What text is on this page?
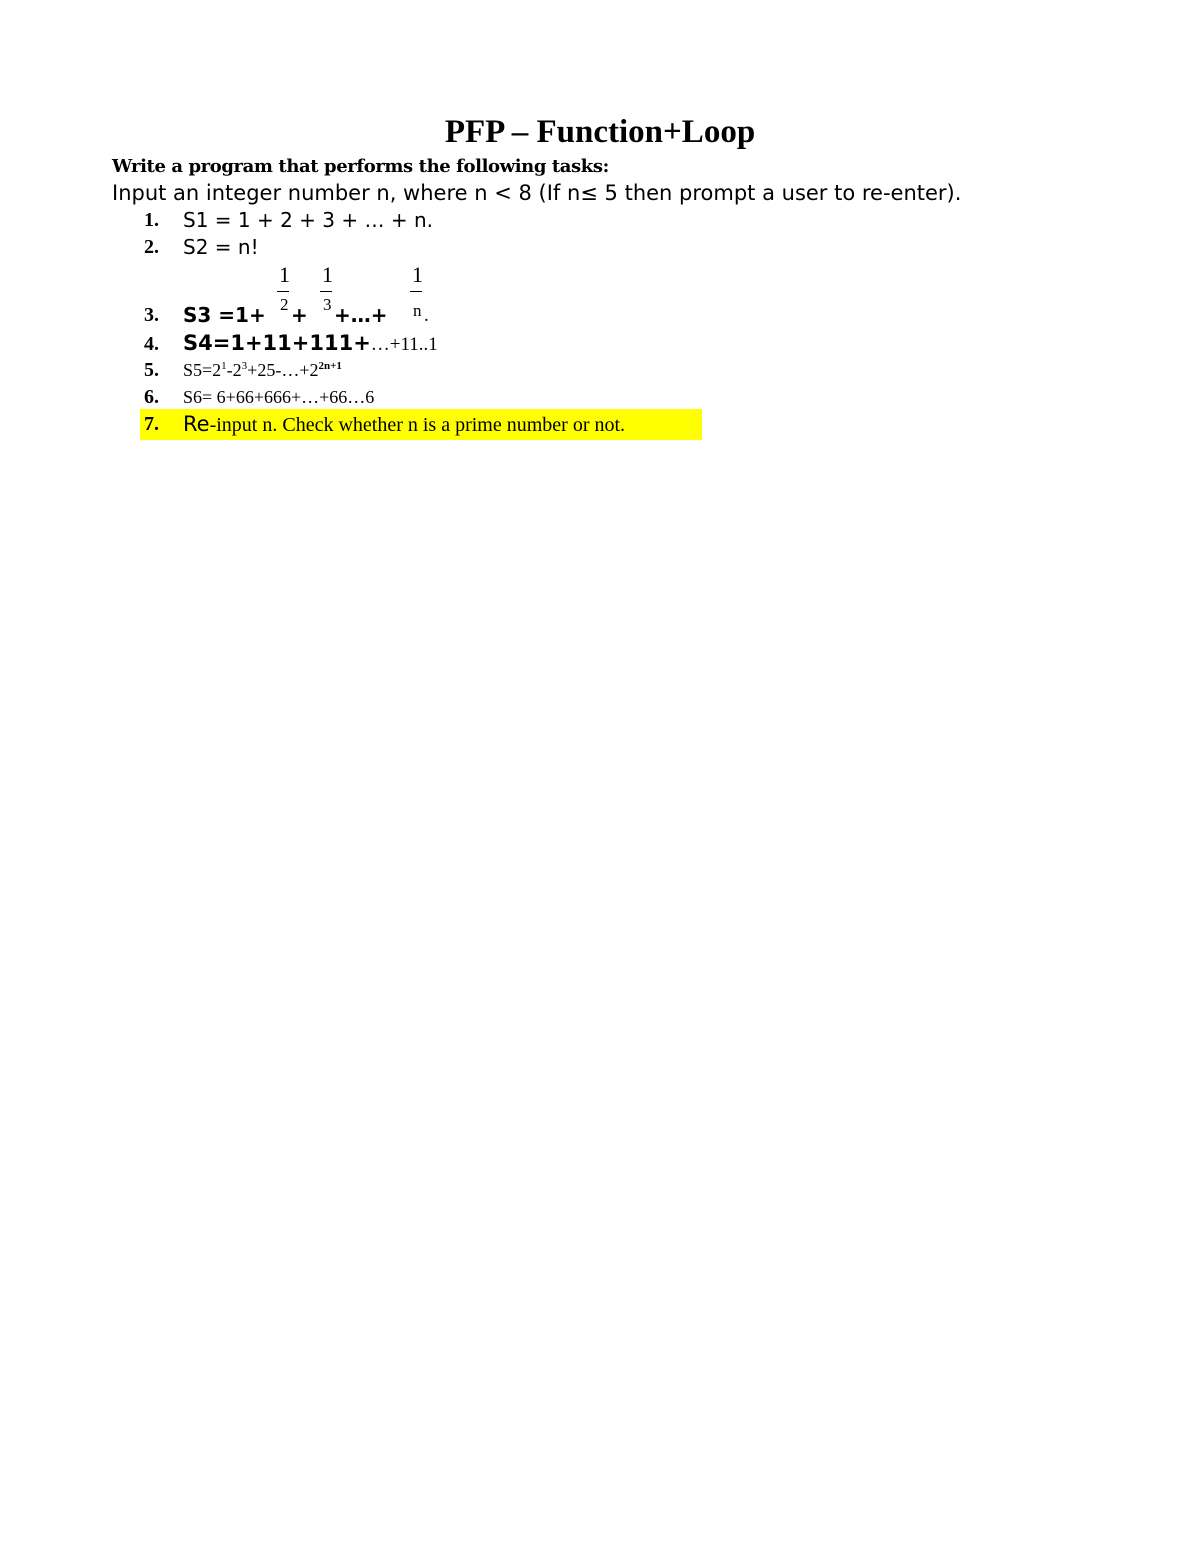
PFP – Function+Loop
Write a program that performs the following tasks:
Input an integer number n, where n < 8 (If n≤ 5 then prompt a user to re-enter).
1. S1 = 1 + 2 + 3 + … + n.
2. S2 = n!
1
2
1
3
1
n
3. S3 =1+ + +…+ .
4. S4=1+11+111+…+11..1
5. $S5=2^1-2^3+25-\dots+2^{2n+1}$
6. S6= 6+66+666+…+66…6
7. Re-input n. Check whether n is a prime number or not.
